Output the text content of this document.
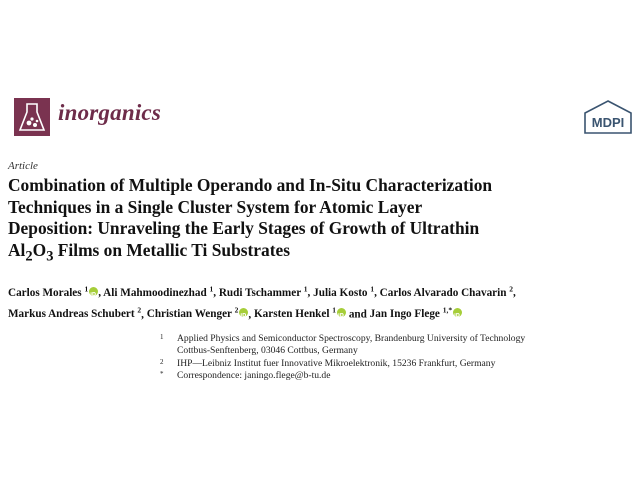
inorganics	MDPI
Article
Combination of Multiple Operando and In-Situ Characterization
Techniques in a Single Cluster System for Atomic Layer
Deposition: Unraveling the Early Stages of Growth of Ultrathin
$Al_2O_3$ Films on Metallic Ti Substrates
Carlos Morales $^1$ iD , Ali Mahmoodinezhad $^1$, Rudi Tschammer $^1$, Julia Kosto $^1$, Carlos Alvarado Chavarin $^2$,
Markus Andreas Schubert $^2$, Christian Wenger $^2$ iD , Karsten Henkel $^1$iD and Jan Ingo Flege $^{1,*}$iD
1 Applied Physics and Semiconductor Spectroscopy, Brandenburg University of Technology
Cottbus-Senftenberg, 03046 Cottbus, Germany
2 IHP—Leibniz Institut fuer Innovative Mikroelektronik, 15236 Frankfurt, Germany
* Correspondence: janingo.flege@b-tu.de
